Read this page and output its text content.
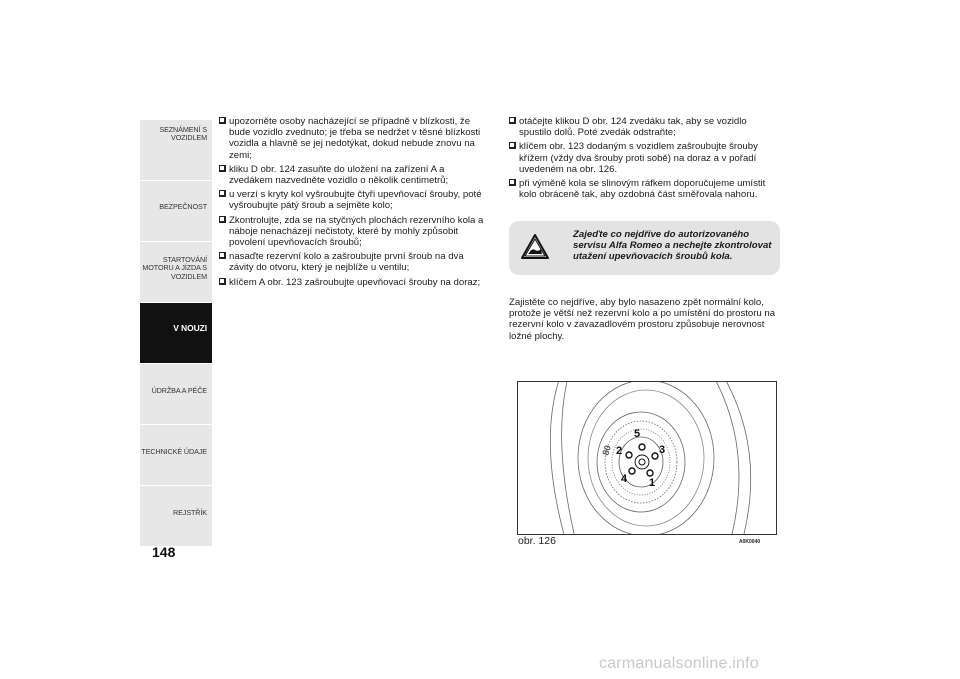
SEZNÁMENÍ S VOZIDLEM
BEZPEČNOST
STARTOVÁNÍ MOTORU A JÍZDA S VOZIDLEM
V NOUZI
ÚDRŽBA A PÉČE
TECHNICKÉ ÚDAJE
REJSTŘÍK
148
upozorněte osoby nacházející se případně v blízkosti, že bude vozidlo zvednuto; je třeba se nedržet v těsné blízkosti vozidla a hlavně se jej nedotýkat, dokud nebude znovu na zemi;
kliku D obr. 124 zasuňte do uložení na zařízení A a zvedákem nazvedněte vozidlo o několik centimetrů;
u verzí s kryty kol vyšroubujte čtyři upevňovací šrouby, poté vyšroubujte pátý šroub a sejměte kolo;
Zkontrolujte, zda se na styčných plochách rezervního kola a náboje nenacházejí nečistoty, které by mohly způsobit povolení upevňovacích šroubů;
nasaďte rezervní kolo a zašroubujte první šroub na dva závity do otvoru, který je nejblíže u ventilu;
klíčem A obr. 123 zašroubujte upevňovací šrouby na doraz;
otáčejte klikou D obr. 124 zvedáku tak, aby se vozidlo spustilo dolů. Poté zvedák odstraňte;
klíčem obr. 123 dodaným s vozidlem zašroubujte šrouby křížem (vždy dva šrouby proti sobě) na doraz a v pořadí uvedeném na obr. 126.
při výměně kola se slinovým ráfkem doporučujeme umístit kolo obráceně tak, aby ozdobná část směřovala nahoru.
Zajeďte co nejdříve do autorizovaného servisu Alfa Romeo a nechejte zkontrolovat utažení upevňovacích šroubů kola.

Zajistěte co nejdříve, aby bylo nasazeno zpět normální kolo, protože je větší než rezervní kolo a po umístění do prostoru na rezervní kolo v zavazadlovém prostoru způsobuje nerovnost ložné plochy.

1
2	3
4
5
80
obr. 126	A0K0040
carmanualsonline.info
